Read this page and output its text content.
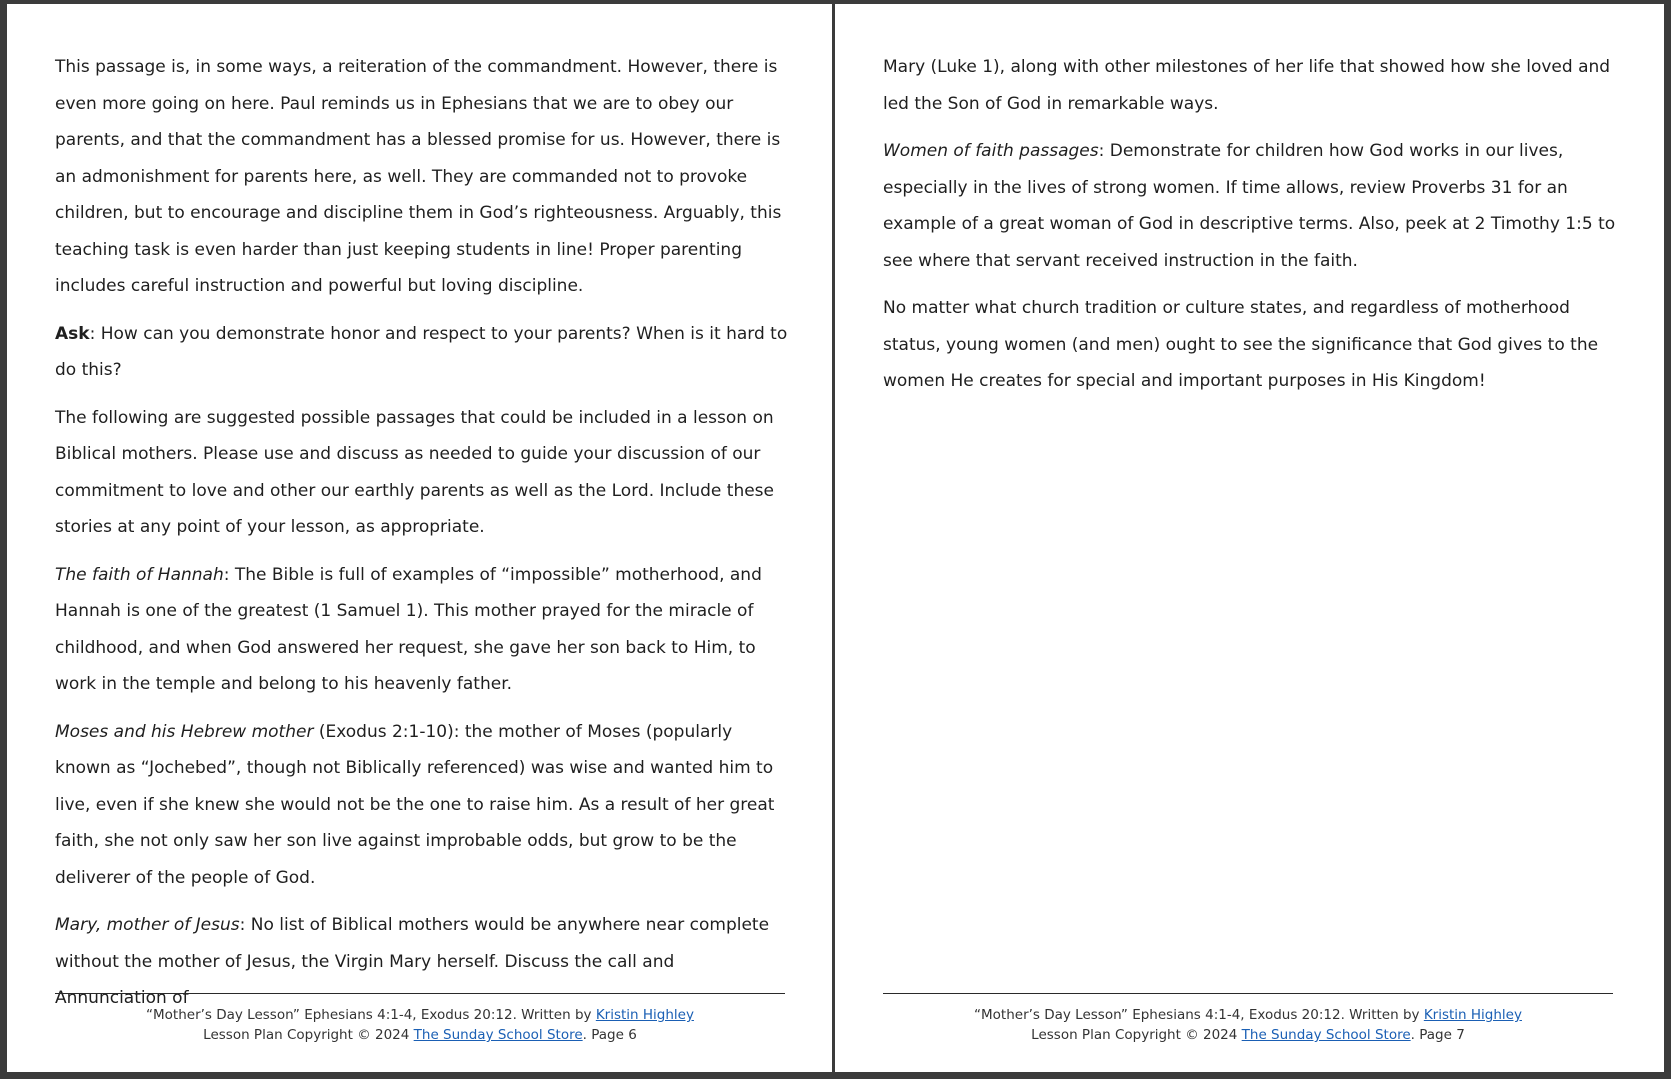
This passage is, in some ways, a reiteration of the commandment. However, there is even more going on here. Paul reminds us in Ephesians that we are to obey our parents, and that the commandment has a blessed promise for us. However, there is an admonishment for parents here, as well. They are commanded not to provoke children, but to encourage and discipline them in God’s righteousness. Arguably, this teaching task is even harder than just keeping students in line! Proper parenting includes careful instruction and powerful but loving discipline.

Ask: How can you demonstrate honor and respect to your parents? When is it hard to do this?

The following are suggested possible passages that could be included in a lesson on Biblical mothers. Please use and discuss as needed to guide your discussion of our commitment to love and other our earthly parents as well as the Lord. Include these stories at any point of your lesson, as appropriate.

The faith of Hannah: The Bible is full of examples of “impossible” motherhood, and Hannah is one of the greatest (1 Samuel 1). This mother prayed for the miracle of childhood, and when God answered her request, she gave her son back to Him, to work in the temple and belong to his heavenly father.

Moses and his Hebrew mother (Exodus 2:1-10): the mother of Moses (popularly known as “Jochebed”, though not Biblically referenced) was wise and wanted him to live, even if she knew she would not be the one to raise him. As a result of her great faith, she not only saw her son live against improbable odds, but grow to be the deliverer of the people of God.

Mary, mother of Jesus: No list of Biblical mothers would be anywhere near complete without the mother of Jesus, the Virgin Mary herself. Discuss the call and Annunciation of

“Mother’s Day Lesson” Ephesians 4:1-4, Exodus 20:12. Written by Kristin Highley
Lesson Plan Copyright © 2024 The Sunday School Store. Page 6

Mary (Luke 1), along with other milestones of her life that showed how she loved and led the Son of God in remarkable ways.

Women of faith passages: Demonstrate for children how God works in our lives, especially in the lives of strong women. If time allows, review Proverbs 31 for an example of a great woman of God in descriptive terms. Also, peek at 2 Timothy 1:5 to see where that servant received instruction in the faith.

No matter what church tradition or culture states, and regardless of motherhood status, young women (and men) ought to see the significance that God gives to the women He creates for special and important purposes in His Kingdom!

“Mother’s Day Lesson” Ephesians 4:1-4, Exodus 20:12. Written by Kristin Highley
Lesson Plan Copyright © 2024 The Sunday School Store. Page 7
